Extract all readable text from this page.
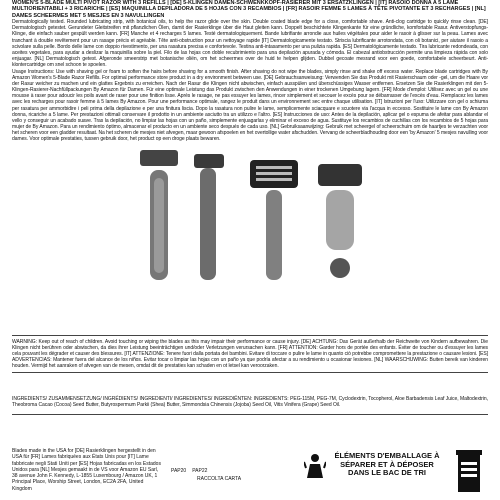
WOMEN'S 5-BLADE MULTI PIVOT RAZOR WITH 3 REFILLS | [DE] 5-KLINGEN DAMEN-SCHWENKKOPF-RASIERER MIT 3 ERSATZKLINGEN | [IT] RASOIO DONNA A 5 LAME MULTIORIENTABILI + 3 RICARICHE | [ES] MAQUINILLA DEPILADORA DE 5 HOJAS CON 3 RECAMBIOS | [FR] RASOIR FEMME 5 LAMES À TÊTE PIVOTANTE ET 3 RECHARGES | [NL] DAMES SCHEERMES MET 5 MESJES EN 3 NAVULLINGEN
Dermatologically tested. Rounded lubricating strip, with botanical oils, to help the razor glide over the skin. Double coated blade edge for a close, comfortable shave. Anti-clog cartridge to quickly rinse clean. [DE] Dermatologisch getestet. Gerundeter Gleitstreifen mit pflanzlichen Ölen, damit der Rasierklinge über die Haut gleiten kann. Doppelt beschichtete Klingenkante für eine gründliche, komfortable Rasur. Antiverstopfungs-Klinge, die einfach sauber gespült werden kann. [FR] Manche et 4 recharges 5 lames. Testé dermatologiquement. Bande lubrifiante arrondie aux huiles végétales pour aider le rasoir à glisser sur la peau. Lames avec tranchant à double revêtement pour un rasage précis et agréable. Tête anti-obstruction pour un nettoyage rapide [IT] Dermatologicamente testato. Striscia lubrificante arrotondata, con oli botanici, per aiutare il rasoio a scivolare sulla pelle. Bordo delle lame con doppio rivestimento, per una rasatura precisa e confortevole. Testina anti-intasamento per una pulizia rapida. [ES] Dermatológicamente testado. Tira lubricante redondeada, con aceites vegetales, para ayudar a deslizar la maquinilla sobre la piel. Filo de las hojas con doble recubrimiento para una depilación apurada y cómoda. El cabezal antiobstrucción permite una limpieza rápida con solo enjuagar. [NL] Dermatologisch getest. Afgeronde smeerstrip met botanische oliën, om het scheermes over de huid te helpen glijden. Dubbel gecoate mesrand voor een goede, comfortabele scheerbeurt. Anti-klontercartridge om snel schoon te spoelen.
Usage Instructions: Use with shaving gel or foam to soften the hairs before shaving for a smooth finish. After shaving do not wipe the blades, simply rinse and shake off excess water. Replace blade cartridges with By Amazon Women's 5-Blade Razor Refills. For optimal performance store product in a dry environment between use. [DE] Gebrauchsanweisung: Verwenden Sie das Produkt mit Rasierschaum oder -gel, um die Haare vor der Rasur weicher zu machen und ein glattes Ergebnis zu erreichen. Nach der Rasur die Klingen nicht abwischen, einfach ausspülen und überschüssiges Wasser entfernen. Ersetzen Sie die Rasierklingen mit den 5-Klingen-Rasierer-Nachfüllpackungen By Amazon für Damen. Für eine optimale Leistung das Produkt zwischen den Anwendungen in einer trockenen Umgebung lagern. [FR] Mode d'emploi: Utilisez avec un gel ou une mousse à raser pour adoucir les poils avant de raser pour une finition lisse. Après le rasage, ne pas essuyer les lames, rincer simplement et secouer le excès pour se débarrasser de l'excès d'eau. Remplacez les lames avec les recharges pour rasoir femme à 5 lames By Amazon. Pour une performance optimale, rangez le produit dans un environnement sec entre chaque utilisation. [IT] Istruzioni per l'uso: Utilizzare con gel o schiuma per rasatura per ammorbidire i peli prima della depilazione e per una finitura liscia. Dopo la rasatura non pulire le lame, semplicemente sciacquare e scuotere via l'acqua in eccesso. Sostituire le lame con By Amazon donna, ricariche a 5 lame. Per prestazioni ottimali conservare il prodotto in un ambiente asciutto tra un utilizzo e l'altro. [ES] Instrucciones de uso: Antes de la depilación, aplicar gel o espuma de afeitar para ablandar el vello y conseguir un acabado suave. Tras la depilación, no limpiar las hojas con un paño, simplemente enjuagarlas y eliminar el exceso de agua. Sustituye los recambios de cuchillas con los recambios de 5 hojas para mujer de By Amazon. Para un rendimiento óptimo, almacenar el producto en un ambiente seco después de cada uso. [NL] Gebruiksaanwijzing: Gebruik met scheergel of scheerschuim om de haartjes te verzachten voor het scheren voor een gladder resultaat. Na het scheren de mesjes niet afvegen, maar gewoon afspoelen en het overtollige water afschudden. Vervang de scheerbladhouding door een 'by Amazon' 5 mesjes navulling voor dames. Voor optimale prestaties, tussen gebruik door, het product op een droge plaats bewaren.
WARNING: Keep out of reach of children. Avoid touching or wiping the blades as this may impair their performance or cause injury. [DE] ACHTUNG: Das Gerät außerhalb der Reichweite von Kindern aufbewahren. Die Klingen nicht berühren oder abwischen, da dies ihrer Leistung beeinträchtigen und/oder Verletzungen verursachen kann. [FR] ATTENTION: Garder hors de portée des enfants. Éviter de toucher ou d'essuyer les lames cela pouvant les dégrader et causer des blessures. [IT] ATTENZIONE: Tenere fuori dalla portata dei bambini. Evitare di toccare o pulire le lame in quanto ciò potrebbe compromettere la prestazione o causare lesioni. [ES] ADVERTENCIAS: Mantener fuera del alcance de los niños. Evitar tocar o limpiar las hojas con un paño ya que podría afectar a su rendimiento u ocasionar lesiones. [NL] WAARSCHUWING: Buiten bereik van kinderen houden. Vermijd het aanraken of afvegen van de mesen, omdat dit de prestaties kan schaden en ot letsel kan veroorzaken.
INGREDIENTS/ ZUSAMMENSETZUNG/ INGRÉDIENTS/ INGREDIENTI/ INGREDIENTES/ INGREDIËNTEN: INGREDIENTS: PEG-115M, PEG-7M, Cyclodextrin, Tocopherol, Aloe Barbadensis Leaf Juice, Maltodextrin, Theobroma Cacao (Cocoa) Seed Butter, Butyrospermum Parkii (Shea) Butter, Simmondsia Chinensis (Jojoba) Seed Oil, Vitis Vinifera (Grape) Seed Oil.
Blades made in the USA for [DE] Rasierklingen hergestellt in den USA für [FR] Lames fabriquées aux États Unis pour [IT] Lame fabbricate negli Stati Uniti per [ES] Hojas fabricadas en los Estados Unidos para [NL] Mesjes gemaakt in de VS voor Amazon EU Sarl, 38 avenue John F. Kennedy, L-1855 Luxembourg / Amazon UK, 1 Principal Place, Worship Street, London, EC2A 2FA, United Kingdom
PAP20 PAP22
RACCOLTA CARTA
ÉLÉMENTS D'EMBALLAGE À SÉPARER ET À DÉPOSER DANS LE BAC DE TRI
